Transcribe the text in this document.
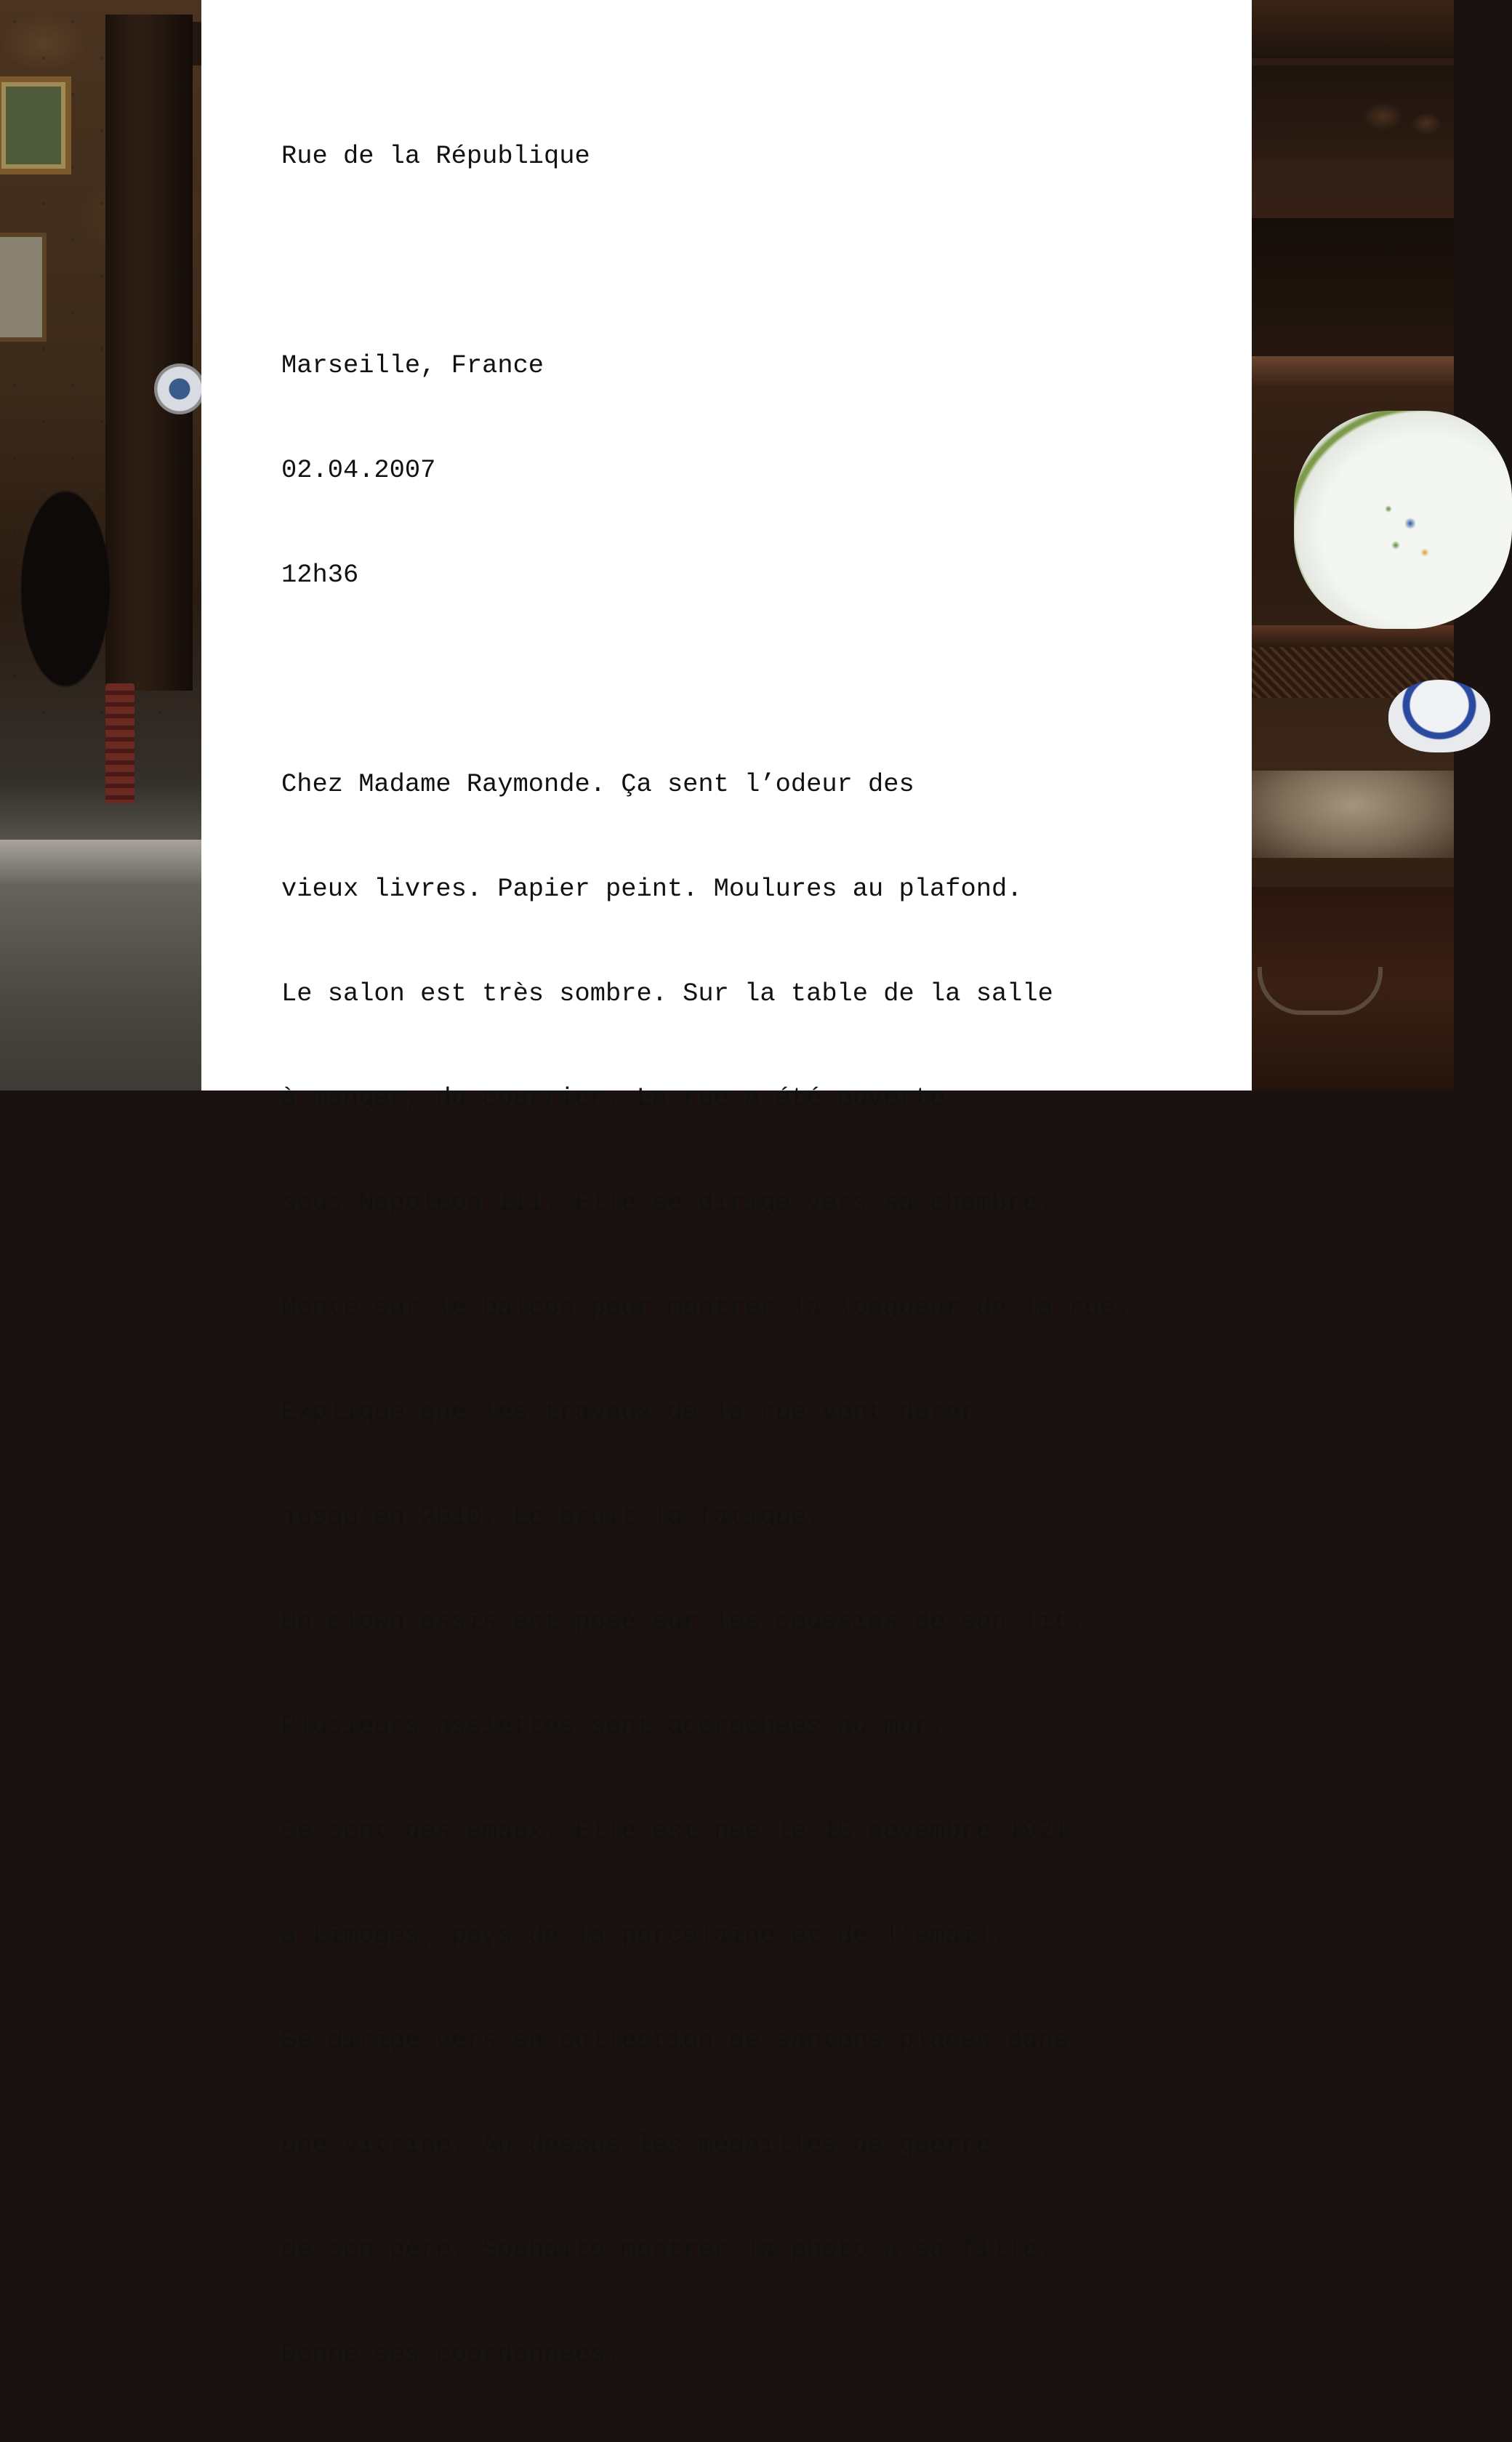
Rue de la République

Marseille, France

02.04.2007

12h36

Chez Madame Raymonde. Ça sent l’odeur des

vieux livres. Papier peint. Moulures au plafond.

Le salon est très sombre. Sur la table de la salle

à manger, du courrier. La rue a été ouverte

sous Napoléon III. Elle se dirige vers sa chambre.

Monte sur le balcon pour montrer la longueur de la rue.

Explique que les travaux de la rue vont durer

jusqu’en 2010. Le bruit la fatigue.

Un clown assis est posé sur les coussins de son lit.

Plusieurs assiettes sont accrochées au mur.

Ce sont des émaux. Elle est née le 15 novembre 1921

à Limoges, pays de la porcelaine et de l’émail.

Se dirige vers sa collection de santons placés dans

une vitrine. Au dessus les médailles de guerre

de son père. Souhaite montrer la photo à sa fille.

Donne ses coordonnées.
